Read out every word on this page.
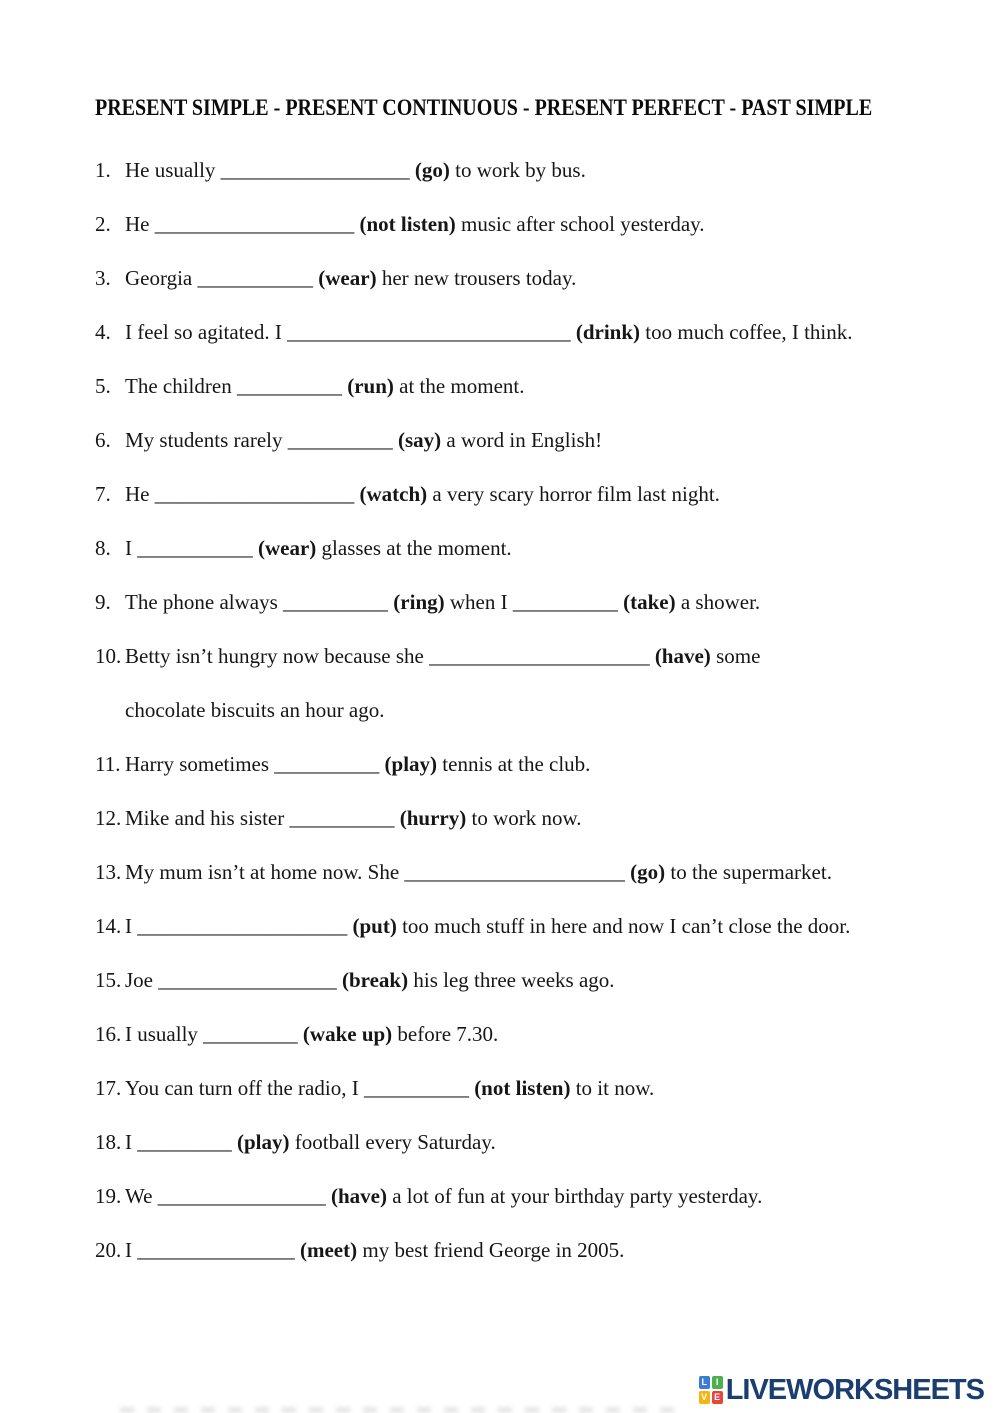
PRESENT SIMPLE - PRESENT CONTINUOUS - PRESENT PERFECT - PAST SIMPLE
1. He usually __________________ (go) to work by bus.
2. He ___________________ (not listen) music after school yesterday.
3. Georgia ___________ (wear) her new trousers today.
4. I feel so agitated. I ___________________________ (drink) too much coffee, I think.
5. The children __________ (run) at the moment.
6. My students rarely __________ (say) a word in English!
7. He ___________________ (watch) a very scary horror film last night.
8. I ___________ (wear) glasses at the moment.
9. The phone always __________ (ring) when I __________ (take) a shower.
10. Betty isn’t hungry now because she _____________________ (have) some
chocolate biscuits an hour ago.
11. Harry sometimes __________ (play) tennis at the club.
12. Mike and his sister __________ (hurry) to work now.
13. My mum isn’t at home now. She _____________________ (go) to the supermarket.
14. I ____________________ (put) too much stuff in here and now I can’t close the door.
15. Joe _________________ (break) his leg three weeks ago.
16. I usually _________ (wake up) before 7.30.
17. You can turn off the radio, I __________ (not listen) to it now.
18. I _________ (play) football every Saturday.
19. We ________________ (have) a lot of fun at your birthday party yesterday.
20. I _______________ (meet) my best friend George in 2005.
L I
V E LIVEWORKSHEETS
